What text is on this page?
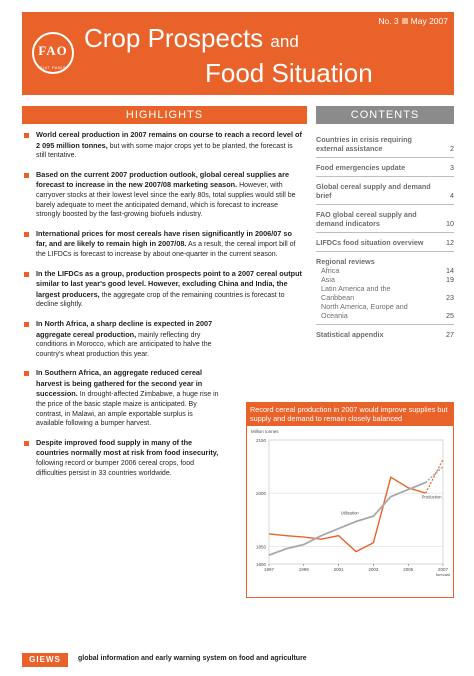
No. 3 May 2007
FAO
FIAT PANIS
Crop Prospects and
Food Situation
HIGHLIGHTS	CONTENTS
World cereal production in 2007 remains on course to reach a record level of 2 095 million tonnes, but with some major crops yet to be planted, the forecast is still tentative.
Based on the current 2007 production outlook, global cereal supplies are forecast to increase in the new 2007/08 marketing season. However, with carryover stocks at their lowest level since the early 80s, total supplies would still be barely adequate to meet the anticipated demand, which is forecast to increase strongly boosted by the fast-growing biofuels industry.
International prices for most cereals have risen significantly in 2006/07 so far, and are likely to remain high in 2007/08. As a result, the cereal import bill of the LIFDCs is forecast to increase by about one-quarter in the current season.
In the LIFDCs as a group, production prospects point to a 2007 cereal output similar to last year's good level. However, excluding China and India, the largest producers, the aggregate crop of the remaining countries is forecast to decline slightly.
In North Africa, a sharp decline is expected in 2007 aggregate cereal production, mainly reflecting dry conditions in Morocco, which are anticipated to halve the country's wheat production this year.
In Southern Africa, an aggregate reduced cereal harvest is being gathered for the second year in succession. In drought-affected Zimbabwe, a huge rise in the price of the basic staple maize is anticipated. By contrast, in Malawi, an ample exportable surplus is available following a bumper harvest.
Despite improved food supply in many of the countries normally most at risk from food insecurity, following record or bumper 2006 cereal crops, food difficulties persist in 33 countries worldwide.
Countries in crisis requiring external assistance	2
Food emergencies update	3
Global cereal supply and demand brief	4
FAO global cereal supply and demand indicators	10
LIFDCs food situation overview	12
Regional reviews
Africa	14
Asia	19
Latin America and the Caribbean	23
North America, Europe and Oceania	25
Statistical appendix	27
Record cereal production in 2007 would improve supplies but supply and demand to remain closely balanced
Million tonnes
2150
2000
1850
1800
1997	1999	2001	2003	2005	2007
forecast
Production
Utilization
GIEWS	global information and early warning system on food and agriculture
